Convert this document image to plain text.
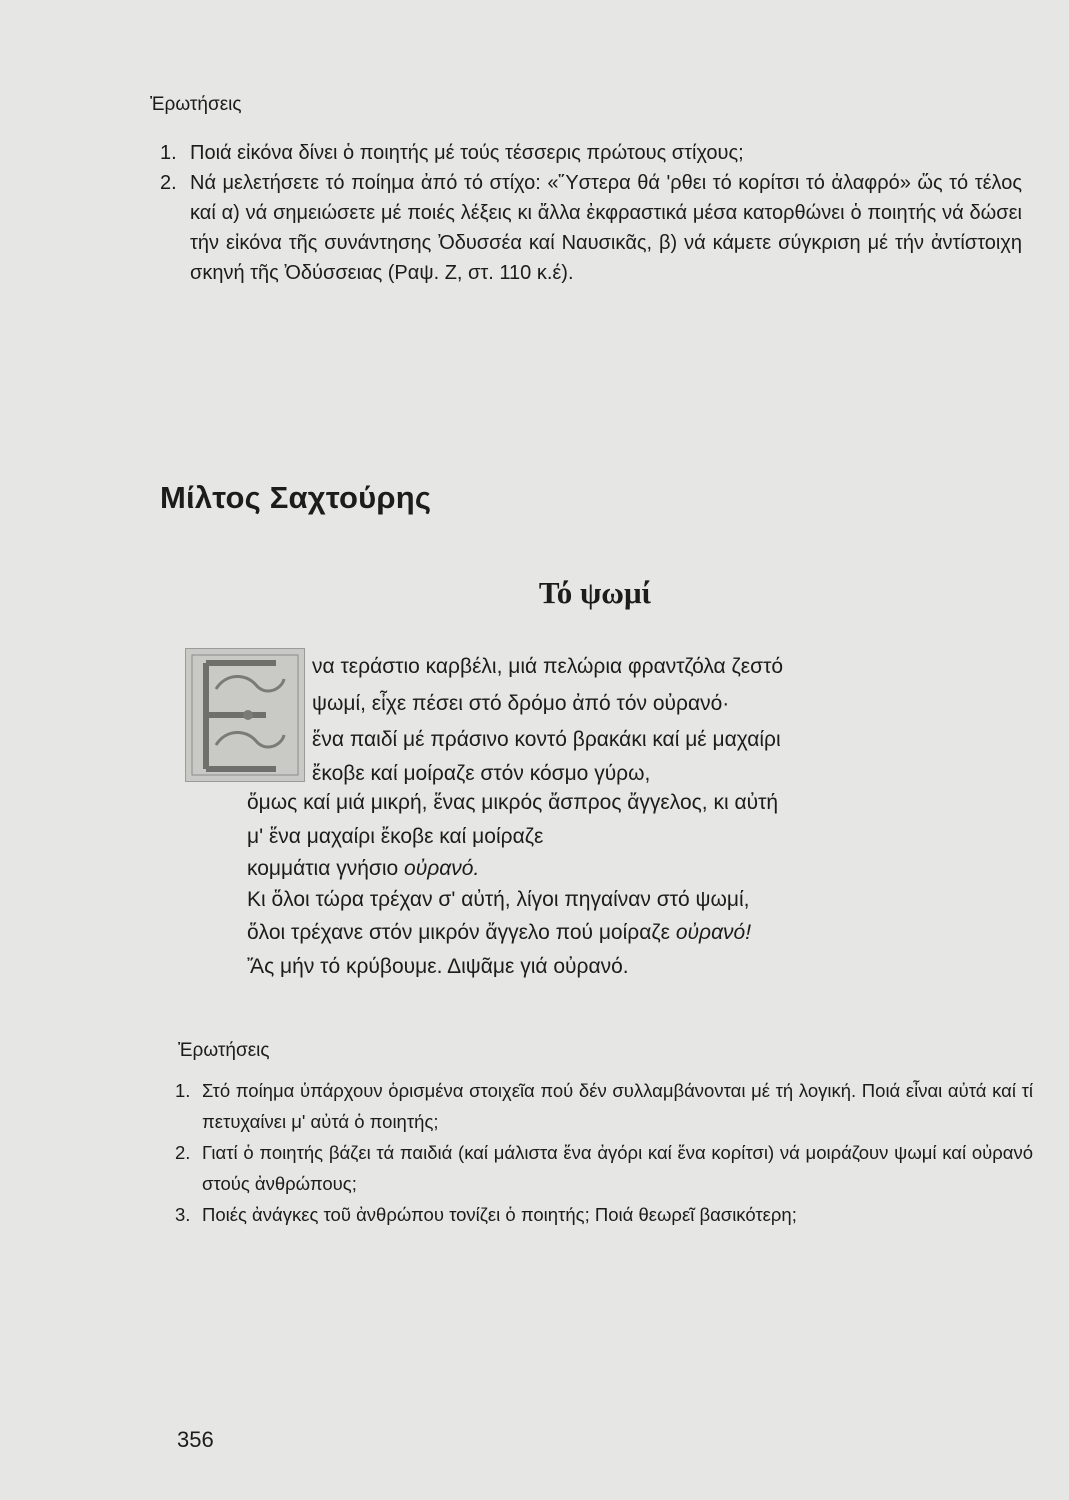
Ἐρωτήσεις
1. Ποιά εἰκόνα δίνει ὁ ποιητής μέ τούς τέσσερις πρώτους στίχους;
2. Νά μελετήσετε τό ποίημα ἀπό τό στίχο: «Ὕστερα θά 'ρθει τό κορίτσι τό ἀλαφρό» ὥς τό τέλος καί α) νά σημειώσετε μέ ποιές λέξεις κι ἄλλα ἐκφραστικά μέσα κατορθώνει ὁ ποιητής νά δώσει τήν εἰκόνα τῆς συνάντησης Ὀδυσσέα καί Ναυσικᾶς, β) νά κάμετε σύγκριση μέ τήν ἀντίστοιχη σκηνή τῆς Ὀδύσσειας (Ραψ. Ζ, στ. 110 κ.έ).
Μίλτος Σαχτούρης
Τό ψωμί
να τεράστιο καρβέλι, μιά πελώρια φραντζόλα ζεστό
ψωμί, εἶχε πέσει στό δρόμο ἀπό τόν οὐρανό·
ἕνα παιδί μέ πράσινο κοντό βρακάκι καί μέ μαχαίρι
ἔκοβε καί μοίραζε στόν κόσμο γύρω,
ὅμως καί μιά μικρή, ἕνας μικρός ἄσπρος ἄγγελος, κι αὐτή
μ' ἕνα μαχαίρι ἔκοβε καί μοίραζε
κομμάτια γνήσιο οὐρανό.
Κι ὅλοι τώρα τρέχαν σ' αὐτή, λίγοι πηγαίναν στό ψωμί,
ὅλοι τρέχανε στόν μικρόν ἄγγελο πού μοίραζε οὐρανό!
Ἄς μήν τό κρύβουμε. Διψᾶμε γιά οὐρανό.
Ἐρωτήσεις
1. Στό ποίημα ὑπάρχουν ὁρισμένα στοιχεῖα πού δέν συλλαμβάνονται μέ τή λογική. Ποιά εἶναι αὐτά καί τί πετυχαίνει μ' αὐτά ὁ ποιητής;
2. Γιατί ὁ ποιητής βάζει τά παιδιά (καί μάλιστα ἕνα ἀγόρι καί ἕνα κορίτσι) νά μοιράζουν ψωμί καί οὐρανό στούς ἀνθρώπους;
3. Ποιές ἀνάγκες τοῦ ἀνθρώπου τονίζει ὁ ποιητής; Ποιά θεωρεῖ βασικότερη;
356
